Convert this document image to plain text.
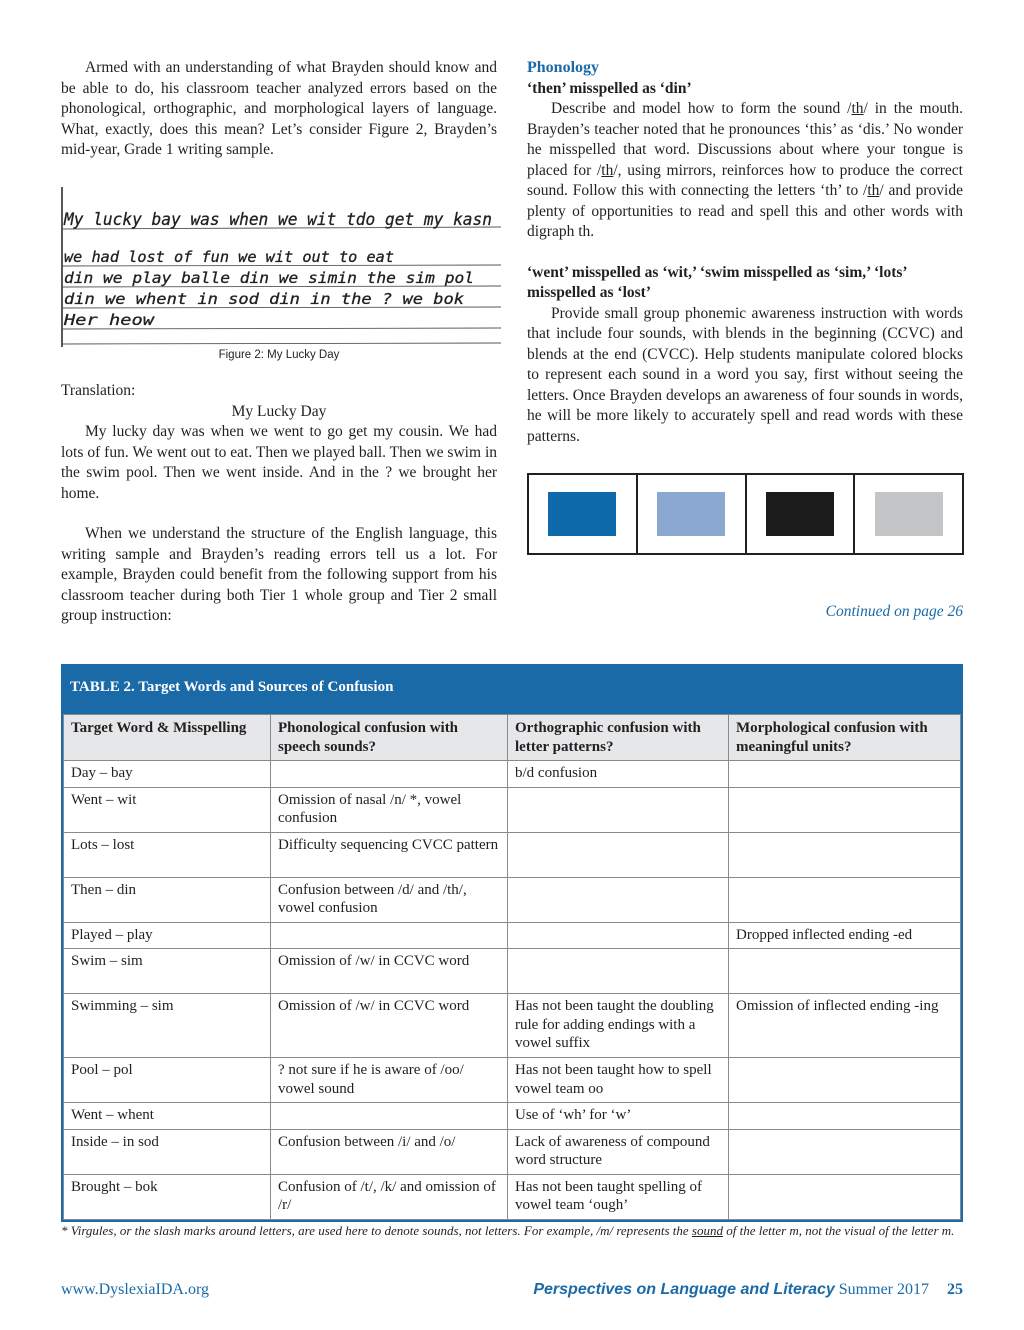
Armed with an understanding of what Brayden should know and be able to do, his classroom teacher analyzed errors based on the phonological, orthographic, and morphological layers of language. What, exactly, does this mean? Let’s consider Figure 2, Brayden’s mid-year, Grade 1 writing sample.

My lucky bay was when we wit tdo get my kasn
we had lost of fun we wit out to eat
din we play balle din we simin the sim pol
din we whent in sod din in the ? we bok
Her heow
Figure 2: My Lucky Day

Translation:

My Lucky Day

My lucky day was when we went to go get my cousin. We had lots of fun. We went out to eat. Then we played ball. Then we swim in the swim pool. Then we went inside. And in the ? we brought her home.

When we understand the structure of the English language, this writing sample and Brayden’s reading errors tell us a lot. For example, Brayden could benefit from the following support from his classroom teacher during both Tier 1 whole group and Tier 2 small group instruction:

Phonology
‘then’ misspelled as ‘din’

Describe and model how to form the sound /th/ in the mouth. Brayden’s teacher noted that he pronounces ‘this’ as ‘dis.’ No wonder he misspelled that word. Discussions about where your tongue is placed for /th/, using mirrors, reinforces how to produce the correct sound. Follow this with connecting the letters ‘th’ to /th/ and provide plenty of opportunities to read and spell this and other words with digraph th.

‘went’ misspelled as ‘wit,’ ‘swim misspelled as ‘sim,’ ‘lots’ misspelled as ‘lost’

Provide small group phonemic awareness instruction with words that include four sounds, with blends in the beginning (CCVC) and blends at the end (CVCC). Help students manipulate colored blocks to represent each sound in a word you say, first without seeing the letters. Once Brayden develops an awareness of four sounds in words, he will be more likely to accurately spell and read words with these patterns.

Continued on page 26
TABLE 2. Target Words and Sources of Confusion
Target Word & Misspelling	Phonological confusion with speech sounds?	Orthographic confusion with letter patterns?	Morphological confusion with meaningful units?
Day – bay		b/d confusion	
Went – wit	Omission of nasal /n/ *, vowel confusion		
Lots – lost	Difficulty sequencing CVCC pattern		
Then – din	Confusion between /d/ and /th/, vowel confusion		
Played – play			Dropped inflected ending -ed
Swim – sim	Omission of /w/ in CCVC word		
Swimming – sim	Omission of /w/ in CCVC word	Has not been taught the doubling rule for adding endings with a vowel suffix	Omission of inflected ending -ing
Pool – pol	? not sure if he is aware of /oo/ vowel sound	Has not been taught how to spell vowel team oo	
Went – whent		Use of ‘wh’ for ‘w’	
Inside – in sod	Confusion between /i/ and /o/	Lack of awareness of compound word structure	
Brought – bok	Confusion of /t/, /k/ and omission of /r/	Has not been taught spelling of vowel team ‘ough’	
* Virgules, or the slash marks around letters, are used here to denote sounds, not letters. For example, /m/ represents the sound of the letter m, not the visual of the letter m.
www.DyslexiaIDA.org	Perspectives on Language and Literacy Summer 2017 25
